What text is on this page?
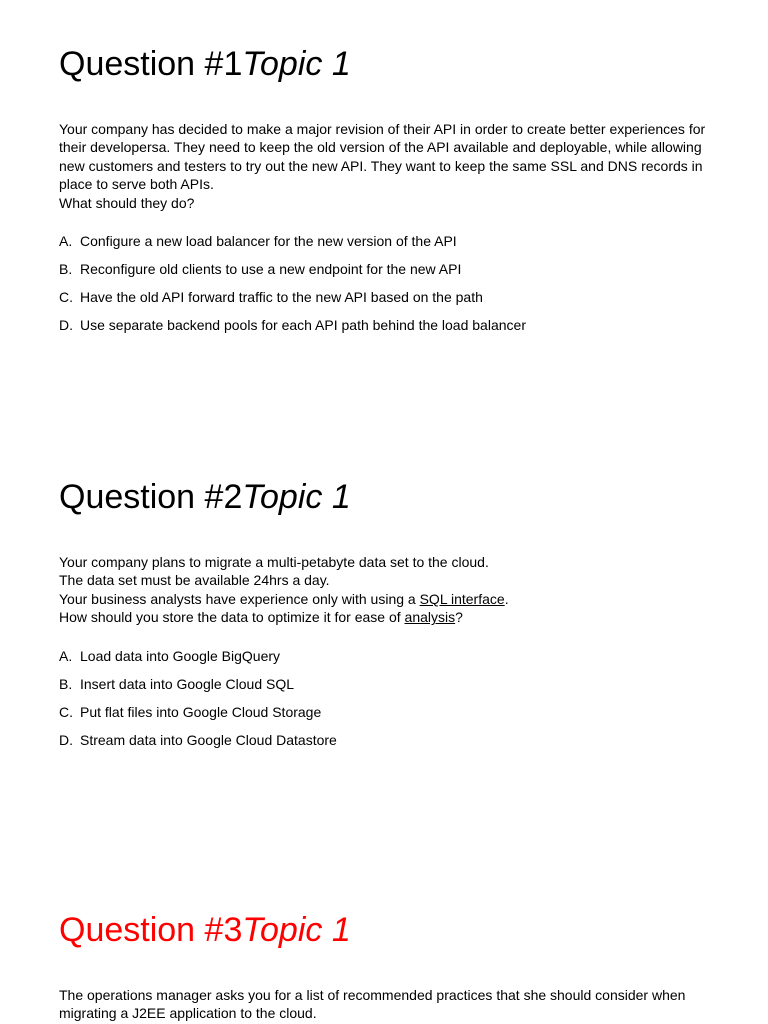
Question #1Topic 1
Your company has decided to make a major revision of their API in order to create better experiences for their developersa. They need to keep the old version of the API available and deployable, while allowing new customers and testers to try out the new API. They want to keep the same SSL and DNS records in place to serve both APIs.
What should they do?
A. Configure a new load balancer for the new version of the API
B. Reconfigure old clients to use a new endpoint for the new API
C. Have the old API forward traffic to the new API based on the path
D. Use separate backend pools for each API path behind the load balancer
Question #2Topic 1
Your company plans to migrate a multi-petabyte data set to the cloud.
The data set must be available 24hrs a day.
Your business analysts have experience only with using a SQL interface.
How should you store the data to optimize it for ease of analysis?
A. Load data into Google BigQuery
B. Insert data into Google Cloud SQL
C. Put flat files into Google Cloud Storage
D. Stream data into Google Cloud Datastore
Question #3Topic 1
The operations manager asks you for a list of recommended practices that she should consider when migrating a J2EE application to the cloud.
